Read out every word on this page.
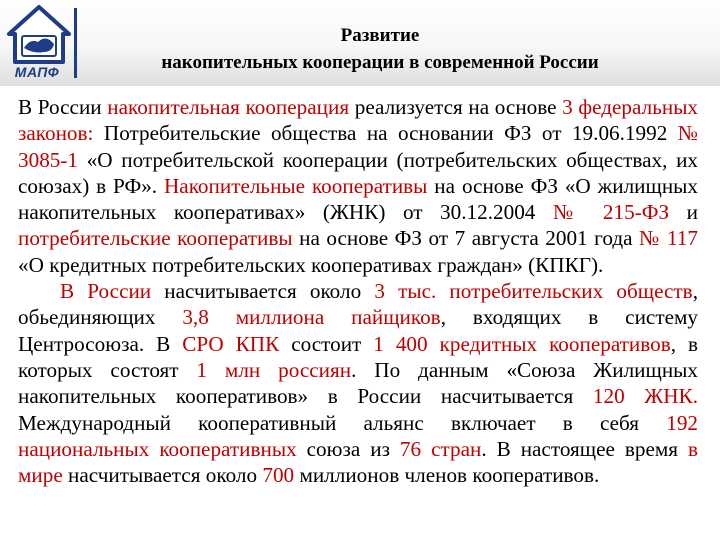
МАПФ
Развитие
накопительных кооперации в современной России

В России накопительная кооперация реализуется на основе 3 федеральных законов: Потребительские общества на основании ФЗ от 19.06.1992 № 3085-1 «О потребительской кооперации (потребительских обществах, их союзах) в РФ». Накопительные кооперативы на основе ФЗ «О жилищных накопительных кооперативах» (ЖНК) от 30.12.2004 № 215-ФЗ и потребительские кооперативы на основе ФЗ от 7 августа 2001 года № 117 «О кредитных потребительских кооперативах граждан» (КПКГ).

В России насчитывается около 3 тыс. потребительских обществ, обьединяющих 3,8 миллиона пайщиков, входящих в систему Центросоюза. В СРО КПК состоит 1 400 кредитных кооперативов, в которых состоят 1 млн россиян. По данным «Союза Жилищных накопительных кооперативов» в России насчитывается 120 ЖНК. Международный кооперативный альянс включает в себя 192 национальных кооперативных союза из 76 стран. В настоящее время в мире насчитывается около 700 миллионов членов кооперативов.
